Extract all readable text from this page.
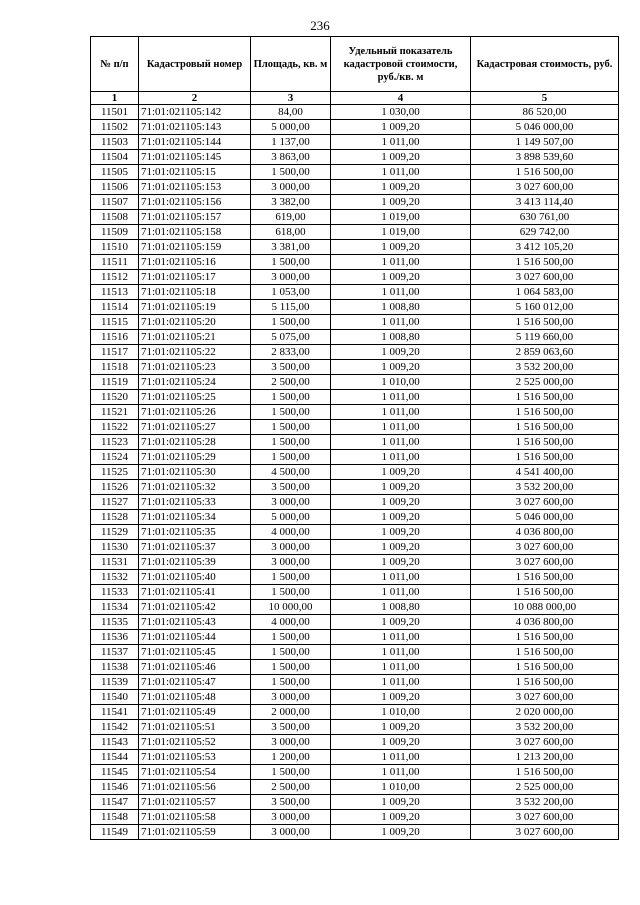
236
№ п/п	Кадастровый номер	Площадь, кв. м	Удельный показатель кадастровой стоимости, руб./кв. м	Кадастровая стоимость, руб.
1	2	3	4	5
11501	71:01:021105:142	84,00	1 030,00	86 520,00
11502	71:01:021105:143	5 000,00	1 009,20	5 046 000,00
11503	71:01:021105:144	1 137,00	1 011,00	1 149 507,00
11504	71:01:021105:145	3 863,00	1 009,20	3 898 539,60
11505	71:01:021105:15	1 500,00	1 011,00	1 516 500,00
11506	71:01:021105:153	3 000,00	1 009,20	3 027 600,00
11507	71:01:021105:156	3 382,00	1 009,20	3 413 114,40
11508	71:01:021105:157	619,00	1 019,00	630 761,00
11509	71:01:021105:158	618,00	1 019,00	629 742,00
11510	71:01:021105:159	3 381,00	1 009,20	3 412 105,20
11511	71:01:021105:16	1 500,00	1 011,00	1 516 500,00
11512	71:01:021105:17	3 000,00	1 009,20	3 027 600,00
11513	71:01:021105:18	1 053,00	1 011,00	1 064 583,00
11514	71:01:021105:19	5 115,00	1 008,80	5 160 012,00
11515	71:01:021105:20	1 500,00	1 011,00	1 516 500,00
11516	71:01:021105:21	5 075,00	1 008,80	5 119 660,00
11517	71:01:021105:22	2 833,00	1 009,20	2 859 063,60
11518	71:01:021105:23	3 500,00	1 009,20	3 532 200,00
11519	71:01:021105:24	2 500,00	1 010,00	2 525 000,00
11520	71:01:021105:25	1 500,00	1 011,00	1 516 500,00
11521	71:01:021105:26	1 500,00	1 011,00	1 516 500,00
11522	71:01:021105:27	1 500,00	1 011,00	1 516 500,00
11523	71:01:021105:28	1 500,00	1 011,00	1 516 500,00
11524	71:01:021105:29	1 500,00	1 011,00	1 516 500,00
11525	71:01:021105:30	4 500,00	1 009,20	4 541 400,00
11526	71:01:021105:32	3 500,00	1 009,20	3 532 200,00
11527	71:01:021105:33	3 000,00	1 009,20	3 027 600,00
11528	71:01:021105:34	5 000,00	1 009,20	5 046 000,00
11529	71:01:021105:35	4 000,00	1 009,20	4 036 800,00
11530	71:01:021105:37	3 000,00	1 009,20	3 027 600,00
11531	71:01:021105:39	3 000,00	1 009,20	3 027 600,00
11532	71:01:021105:40	1 500,00	1 011,00	1 516 500,00
11533	71:01:021105:41	1 500,00	1 011,00	1 516 500,00
11534	71:01:021105:42	10 000,00	1 008,80	10 088 000,00
11535	71:01:021105:43	4 000,00	1 009,20	4 036 800,00
11536	71:01:021105:44	1 500,00	1 011,00	1 516 500,00
11537	71:01:021105:45	1 500,00	1 011,00	1 516 500,00
11538	71:01:021105:46	1 500,00	1 011,00	1 516 500,00
11539	71:01:021105:47	1 500,00	1 011,00	1 516 500,00
11540	71:01:021105:48	3 000,00	1 009,20	3 027 600,00
11541	71:01:021105:49	2 000,00	1 010,00	2 020 000,00
11542	71:01:021105:51	3 500,00	1 009,20	3 532 200,00
11543	71:01:021105:52	3 000,00	1 009,20	3 027 600,00
11544	71:01:021105:53	1 200,00	1 011,00	1 213 200,00
11545	71:01:021105:54	1 500,00	1 011,00	1 516 500,00
11546	71:01:021105:56	2 500,00	1 010,00	2 525 000,00
11547	71:01:021105:57	3 500,00	1 009,20	3 532 200,00
11548	71:01:021105:58	3 000,00	1 009,20	3 027 600,00
11549	71:01:021105:59	3 000,00	1 009,20	3 027 600,00
